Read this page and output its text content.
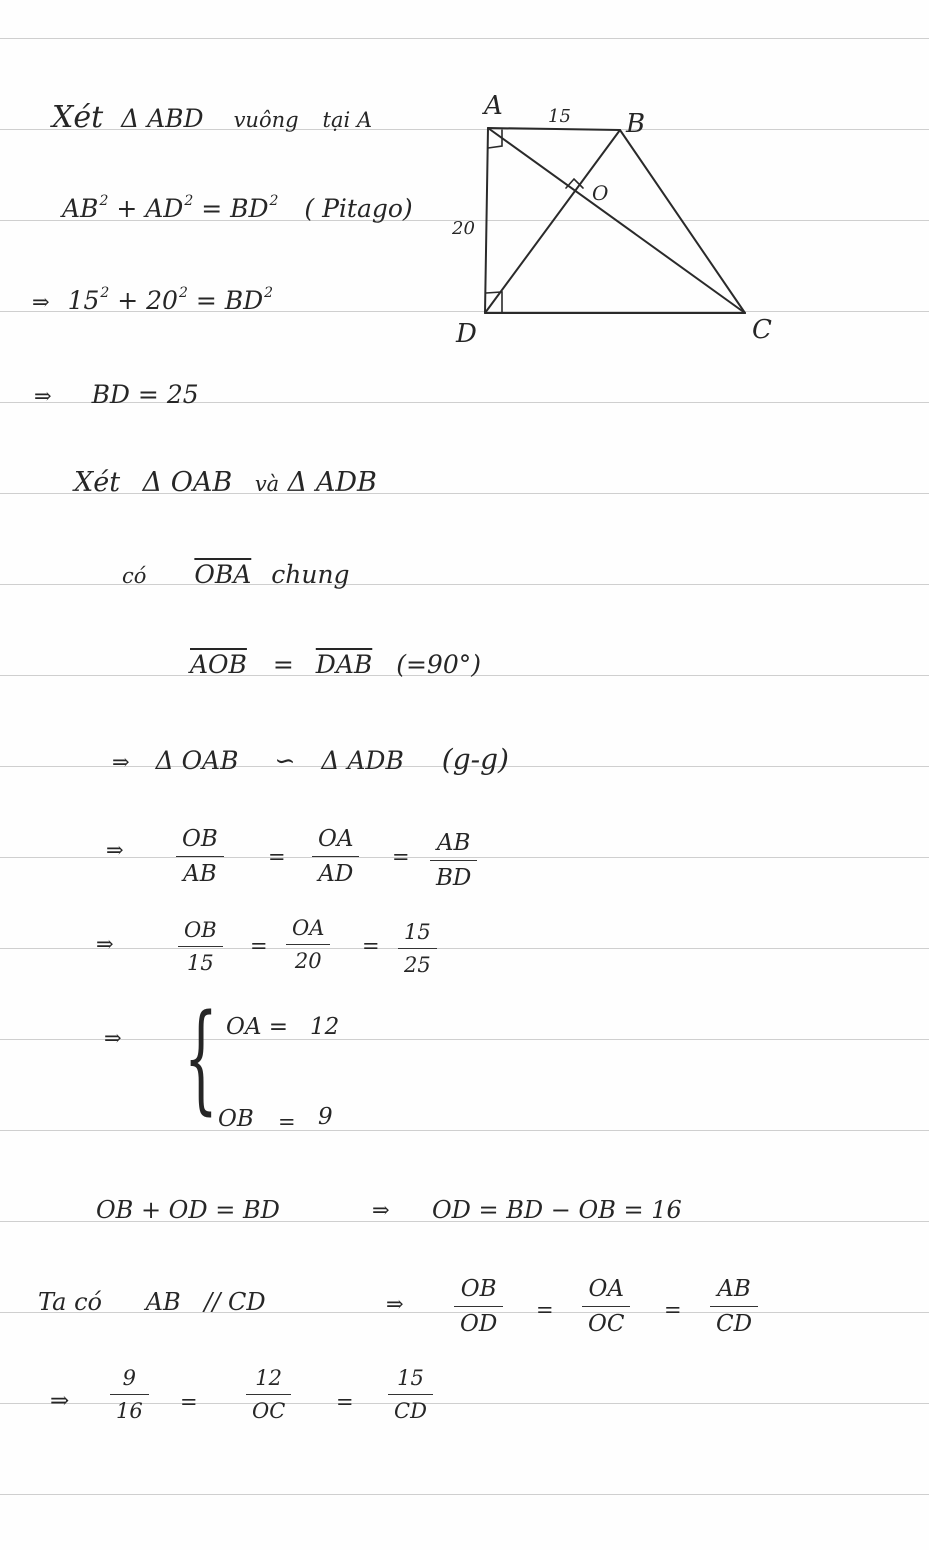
A
B
C
D
O
15
20
Xét Δ ABD vuông tại A
$AB^2 + AD^2 = BD^2$ ( Pitago)
⇒ $15^2 + 20^2 = BD^2$
⇒ BD = 25
Xét Δ OAB và Δ ADB
có $\overline{OBA}$ chung
$\overline{AOB} = \overline{DAB}$ (=90°)
⇒ Δ OAB ∽ Δ ADB (g-g)
⇒	OB
AB
=
OA
AD
=
AB
BD
⇒
OB
15
=
OA
20
=
15
25
⇒ { OA = 12
OB = 9
OB + OD = BD	⇒ OD = BD − OB = 16
Ta có AB // CD	⇒
OB
OD
=
OA
OC
=
AB
CD
⇒
9
16 =
12
OC =
15
CD
